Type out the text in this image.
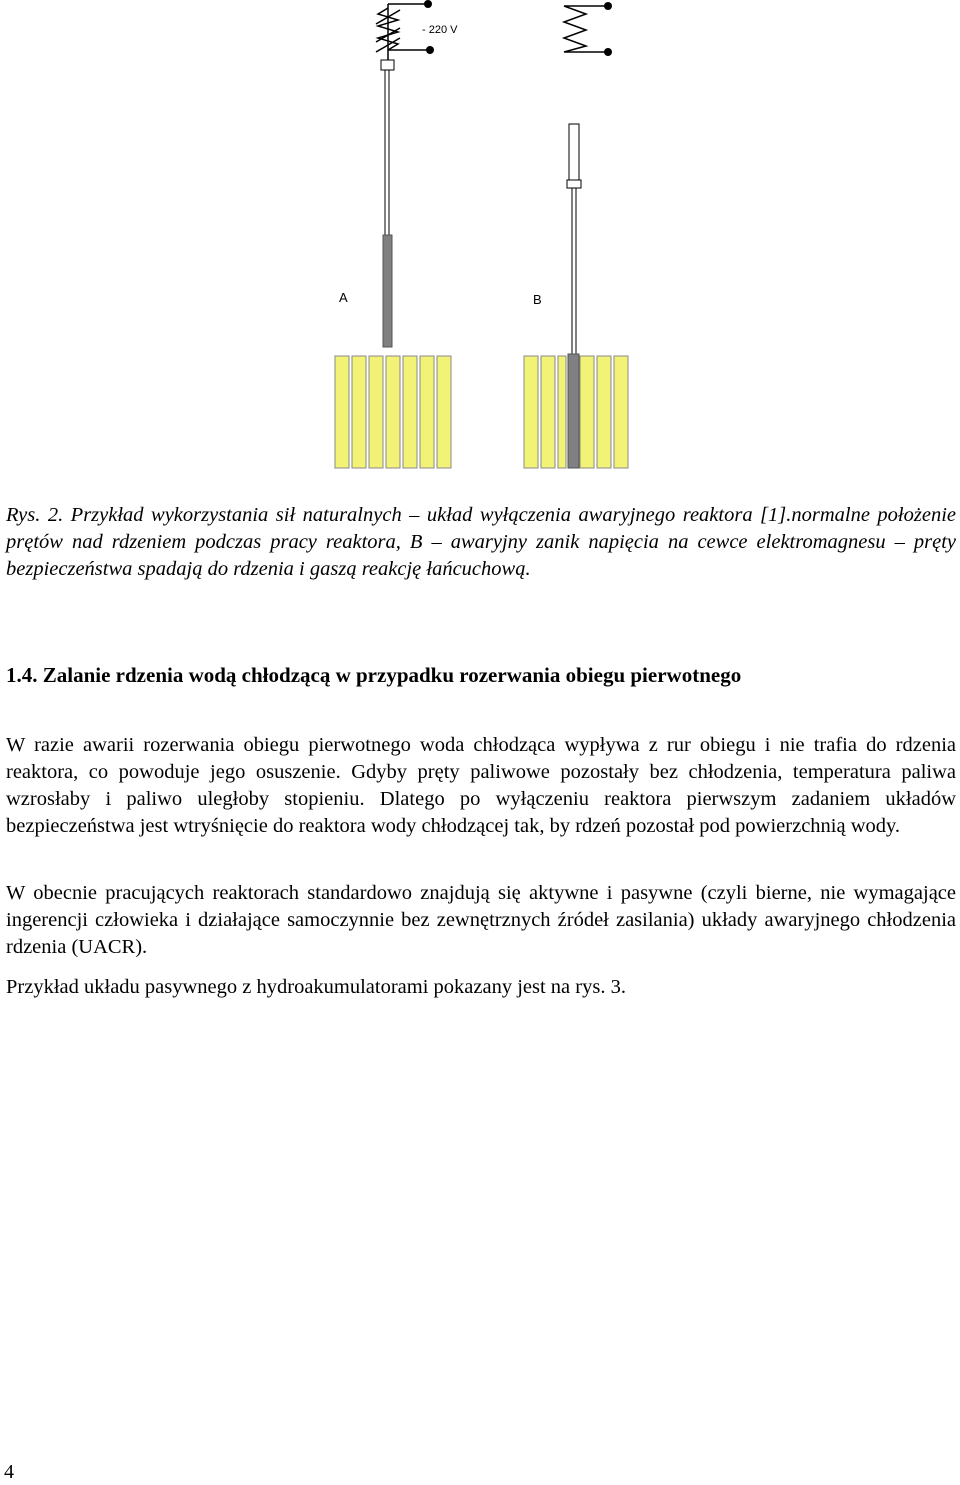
- 220 V
A	B

Rys. 2. Przykład wykorzystania sił naturalnych – układ wyłączenia awaryjnego reaktora [1].normalne położenie prętów nad rdzeniem podczas pracy reaktora, B – awaryjny zanik napięcia na cewce elektromagnesu – pręty bezpieczeństwa spadają do rdzenia i gaszą reakcję łańcuchową.

1.4. Zalanie rdzenia wodą chłodzącą w przypadku rozerwania obiegu pierwotnego

W razie awarii rozerwania obiegu pierwotnego woda chłodząca wypływa z rur obiegu i nie trafia do rdzenia reaktora, co powoduje jego osuszenie. Gdyby pręty paliwowe pozostały bez chłodzenia, temperatura paliwa wzrosłaby i paliwo uległoby stopieniu. Dlatego po wyłączeniu reaktora pierwszym zadaniem układów bezpieczeństwa jest wtryśnięcie do reaktora wody chłodzącej tak, by rdzeń pozostał pod powierzchnią wody.

W obecnie pracujących reaktorach standardowo znajdują się aktywne i pasywne (czyli bierne, nie wymagające ingerencji człowieka i działające samoczynnie bez zewnętrznych źródeł zasilania) układy awaryjnego chłodzenia rdzenia (UACR).

Przykład układu pasywnego z hydroakumulatorami pokazany jest na rys. 3.

4
